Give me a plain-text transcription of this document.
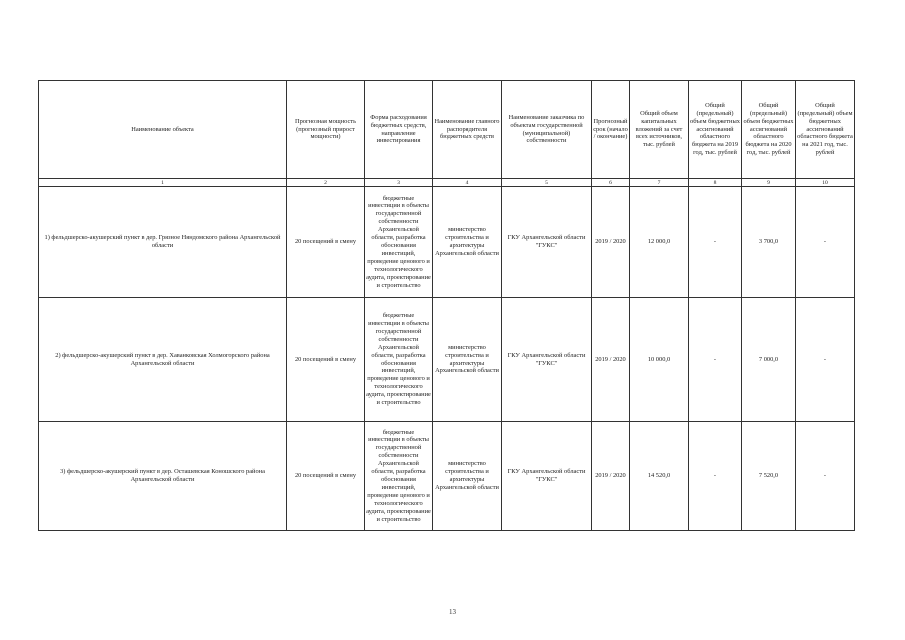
Наименование объекта	Прогнозная мощность (прогнозный прирост мощности)	Форма расходования бюджетных средств, направление инвестирования	Наименование главного распорядителя бюджетных средств	Наименование заказчика по объектам государственной (муниципальной) собственности	Прогнозный срок (начало / окончание)	Общий объем капитальных вложений за счет всех источников, тыс. рублей	Общий (предельный) объем бюджетных ассигнований областного бюджета на 2019 год, тыс. рублей	Общий (предельный) объем бюджетных ассигнований областного бюджета на 2020 год, тыс. рублей	Общий (предельный) объем бюджетных ассигнований областного бюджета на 2021 год, тыс. рублей
1	2	3	4	5	6	7	8	9	10
1) фельдшерско-акушерский пункт в дер. Грязное Няндомского района Архангельской области	20 посещений в смену	бюджетные инвестиции в объекты государственной собственности Архангельской области, разработка обоснования инвестиций, проведение ценового и технологического аудита, проектирование и строительство	министерство строительства и архитектуры Архангельской области	ГКУ Архангельской области "ГУКС"	2019 / 2020	12 000,0	-	3 700,0	-
2) фельдшерско-акушерский пункт в дер. Хаванковская Холмогорского района Архангельской области	20 посещений в смену	бюджетные инвестиции в объекты государственной собственности Архангельской области, разработка обоснования инвестиций, проведение ценового и технологического аудита, проектирование и строительство	министерство строительства и архитектуры Архангельской области	ГКУ Архангельской области "ГУКС"	2019 / 2020	10 000,0	-	7 000,0	-
3) фельдшерско-акушерский пункт в дер. Осташевская Коношского района Архангельской области	20 посещений в смену	бюджетные инвестиции в объекты государственной собственности Архангельской области, разработка обоснования инвестиций, проведение ценового и технологического аудита, проектирование и строительство	министерство строительства и архитектуры Архангельской области	ГКУ Архангельской области "ГУКС"	2019 / 2020	14 520,0	-	7 520,0	-
13
